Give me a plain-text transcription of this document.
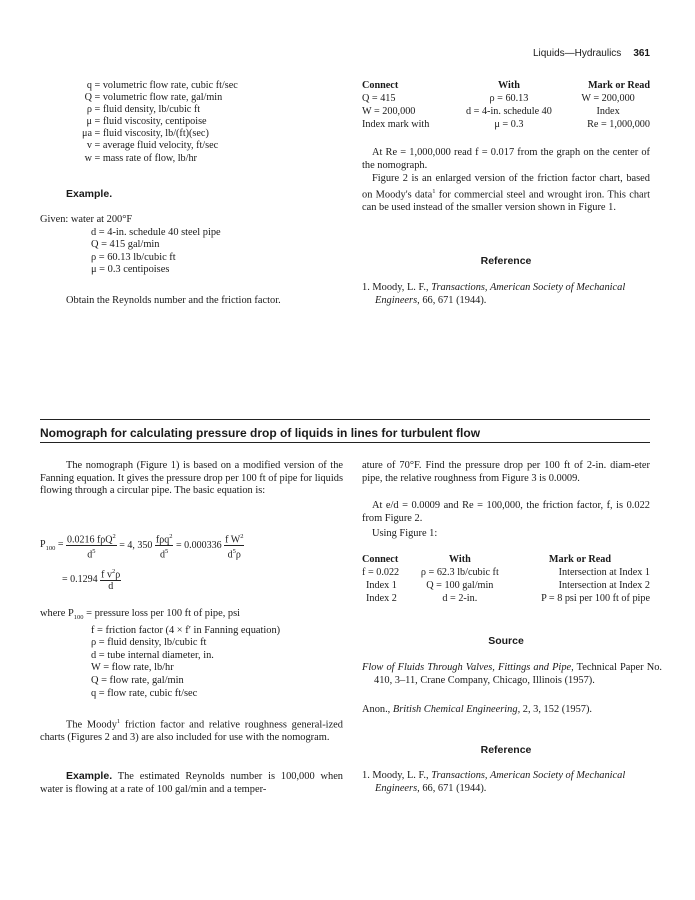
Liquids—Hydraulics 361
q = volumetric flow rate, cubic ft/sec
Q = volumetric flow rate, gal/min
ρ = fluid density, lb/cubic ft
μ = fluid viscosity, centipoise
μa = fluid viscosity, lb/(ft)(sec)
v = average fluid velocity, ft/sec
w = mass rate of flow, lb/hr
Example.
Given: water at 200°F
d = 4-in. schedule 40 steel pipe
Q = 415 gal/min
ρ = 60.13 lb/cubic ft
μ = 0.3 centipoises
Obtain the Reynolds number and the friction factor.
Connect	With	Mark or Read
Q = 415	ρ = 60.13	W = 200,000
W = 200,000	d = 4-in. schedule 40	Index
Index mark with	μ = 0.3	Re = 1,000,000
At Re = 1,000,000 read f = 0.017 from the graph on the center of the nomograph.
Figure 2 is an enlarged version of the friction factor chart, based on Moody's data$^1$ for commercial steel and wrought iron. This chart can be used instead of the smaller version shown in Figure 1.
Reference
1. Moody, L. F., Transactions, American Society of Mechanical Engineers, 66, 671 (1944).
Nomograph for calculating pressure drop of liquids in lines for turbulent flow
The nomograph (Figure 1) is based on a modified version of the Fanning equation. It gives the pressure drop per 100 ft of pipe for liquids flowing through a circular pipe. The basic equation is:
$P_{100} = \frac{0.0216 f\rho Q^2}{d^5} = 4$, $350 \frac{f\rho q^2}{d^5} = 0.000336 \frac{f W^2}{d^5\rho}$
= $0.1294 \frac{f v^2\rho}{d}$
where $P_{100}$ = pressure loss per 100 ft of pipe, psi
f = friction factor (4 × f′ in Fanning equation)
ρ = fluid density, lb/cubic ft
d = tube internal diameter, in.
W = flow rate, lb/hr
Q = flow rate, gal/min
q = flow rate, cubic ft/sec
The Moody$^1$ friction factor and relative roughness general-ized charts (Figures 2 and 3) are also included for use with the nomogram.
Example. The estimated Reynolds number is 100,000 when water is flowing at a rate of 100 gal/min and a temper-
ature of 70°F. Find the pressure drop per 100 ft of 2-in. diam-eter pipe, the relative roughness from Figure 3 is 0.0009.
At e/d = 0.0009 and Re = 100,000, the friction factor, f, is 0.022 from Figure 2.
Using Figure 1:
Connect	With	Mark or Read
f = 0.022	ρ = 62.3 lb/cubic ft	Intersection at Index 1
Index 1	Q = 100 gal/min	Intersection at Index 2
Index 2	d = 2-in.	P = 8 psi per 100 ft of pipe
Source
Flow of Fluids Through Valves, Fittings and Pipe, Technical Paper No. 410, 3–11, Crane Company, Chicago, Illinois (1957).
Anon., British Chemical Engineering, 2, 3, 152 (1957).
Reference
1. Moody, L. F., Transactions, American Society of Mechanical Engineers, 66, 671 (1944).
